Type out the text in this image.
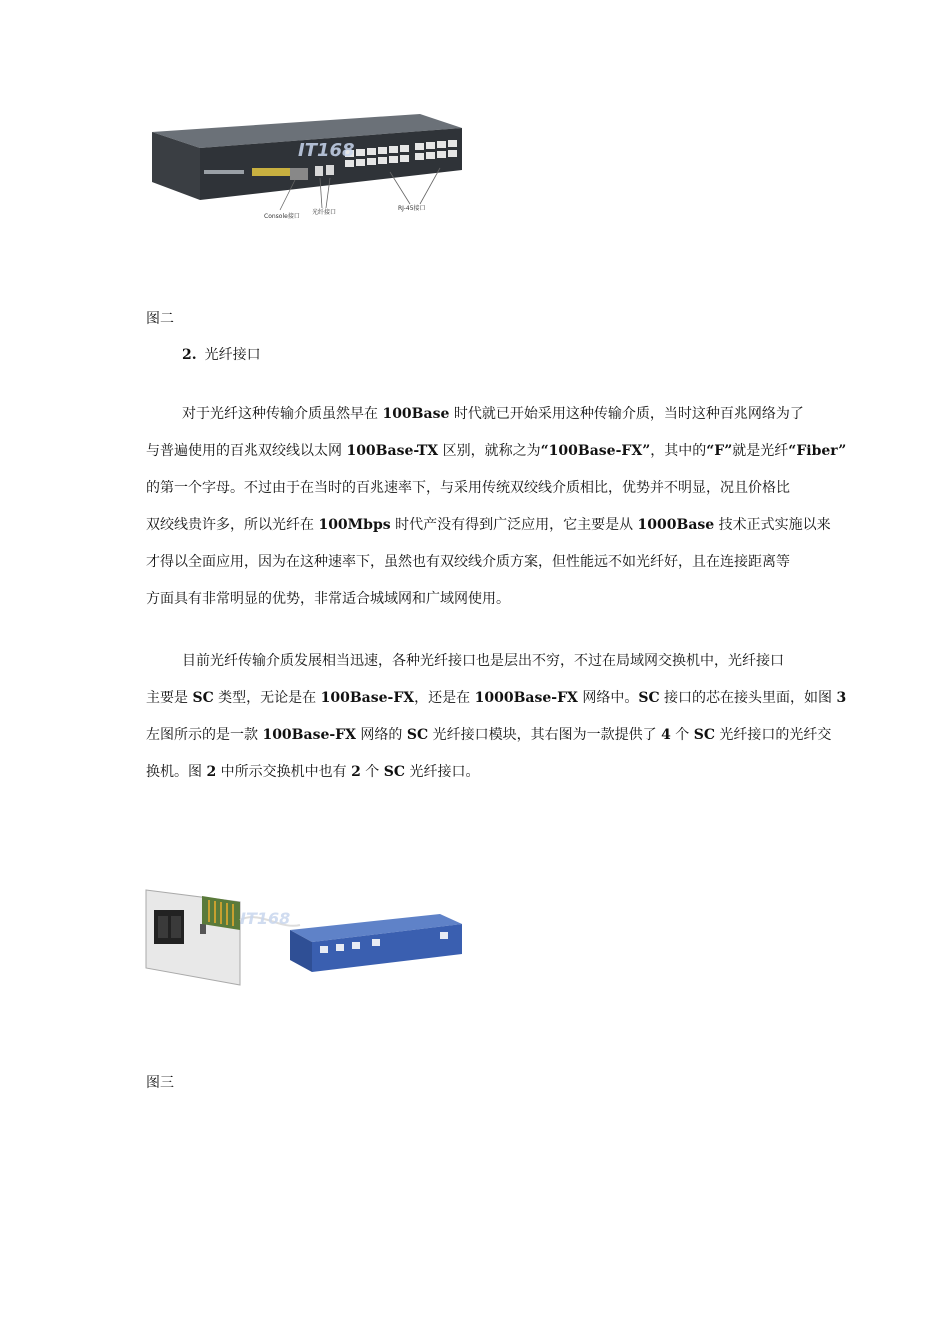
IT168
Console接口
光纤接口
RJ-45接口
图二
2. 光纤接口
对于光纤这种传输介质虽然早在 100Base 时代就已开始采用这种传输介质，当时这种百兆网络为了
与普遍使用的百兆双绞线以太网 100Base-TX 区别，就称之为“100Base-FX”，其中的“F”就是光纤“Fiber”
的第一个字母。不过由于在当时的百兆速率下，与采用传统双绞线介质相比，优势并不明显，况且价格比
双绞线贵许多，所以光纤在 100Mbps 时代产没有得到广泛应用，它主要是从 1000Base 技术正式实施以来
才得以全面应用，因为在这种速率下，虽然也有双绞线介质方案，但性能远不如光纤好，且在连接距离等
方面具有非常明显的优势，非常适合城域网和广域网使用。
目前光纤传输介质发展相当迅速，各种光纤接口也是层出不穷，不过在局域网交换机中，光纤接口
主要是 SC 类型，无论是在 100Base-FX，还是在 1000Base-FX 网络中。SC 接口的芯在接头里面，如图 3
左图所示的是一款 100Base-FX 网络的 SC 光纤接口模块，其右图为一款提供了 4 个 SC 光纤接口的光纤交
换机。图 2 中所示交换机中也有 2 个 SC 光纤接口。
IT168
图三
